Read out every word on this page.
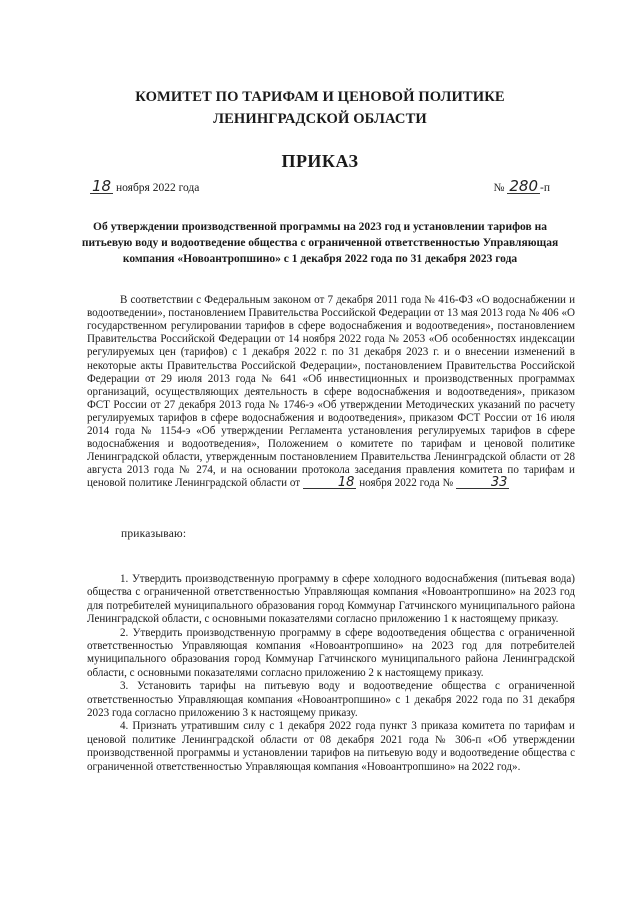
КОМИТЕТ ПО ТАРИФАМ И ЦЕНОВОЙ ПОЛИТИКЕ
ЛЕНИНГРАДСКОЙ ОБЛАСТИ
ПРИКАЗ
18 ноября 2022 года	№ 280 -п
Об утверждении производственной программы на 2023 год и установлении тарифов на питьевую воду и водоотведение общества с ограниченной ответственностью Управляющая компания «Новоантропшино» с 1 декабря 2022 года по 31 декабря 2023 года

В соответствии с Федеральным законом от 7 декабря 2011 года № 416-ФЗ «О водоснабжении и водоотведении», постановлением Правительства Российской Федерации от 13 мая 2013 года № 406 «О государственном регулировании тарифов в сфере водоснабжения и водоотведения», постановлением Правительства Российской Федерации от 14 ноября 2022 года № 2053 «Об особенностях индексации регулируемых цен (тарифов) с 1 декабря 2022 г. по 31 декабря 2023 г. и о внесении изменений в некоторые акты Правительства Российской Федерации», постановлением Правительства Российской Федерации от 29 июля 2013 года № 641 «Об инвестиционных и производственных программах организаций, осуществляющих деятельность в сфере водоснабжения и водоотведения», приказом ФСТ России от 27 декабря 2013 года № 1746-э «Об утверждении Методических указаний по расчету регулируемых тарифов в сфере водоснабжения и водоотведения», приказом ФСТ России от 16 июля 2014 года № 1154-э «Об утверждении Регламента установления регулируемых тарифов в сфере водоснабжения и водоотведения», Положением о комитете по тарифам и ценовой политике Ленинградской области, утвержденным постановлением Правительства Ленинградской области от 28 августа 2013 года № 274, и на основании протокола заседания правления комитета по тарифам и ценовой политике Ленинградской области от	18 ноября 2022 года №	33

приказываю:

1. Утвердить производственную программу в сфере холодного водоснабжения (питьевая вода) общества с ограниченной ответственностью Управляющая компания «Новоантропшино» на 2023 год для потребителей муниципального образования город Коммунар Гатчинского муниципального района Ленинградской области, с основными показателями согласно приложению 1 к настоящему приказу.

2. Утвердить производственную программу в сфере водоотведения общества с ограниченной ответственностью Управляющая компания «Новоантропшино» на 2023 год для потребителей муниципального образования город Коммунар Гатчинского муниципального района Ленинградской области, с основными показателями согласно приложению 2 к настоящему приказу.

3. Установить тарифы на питьевую воду и водоотведение общества с ограниченной ответственностью Управляющая компания «Новоантропшино» с 1 декабря 2022 года по 31 декабря 2023 года согласно приложению 3 к настоящему приказу.

4. Признать утратившим силу с 1 декабря 2022 года пункт 3 приказа комитета по тарифам и ценовой политике Ленинградской области от 08 декабря 2021 года № 306-п «Об утверждении производственной программы и установлении тарифов на питьевую воду и водоотведение общества с ограниченной ответственностью Управляющая компания «Новоантропшино» на 2022 год».
